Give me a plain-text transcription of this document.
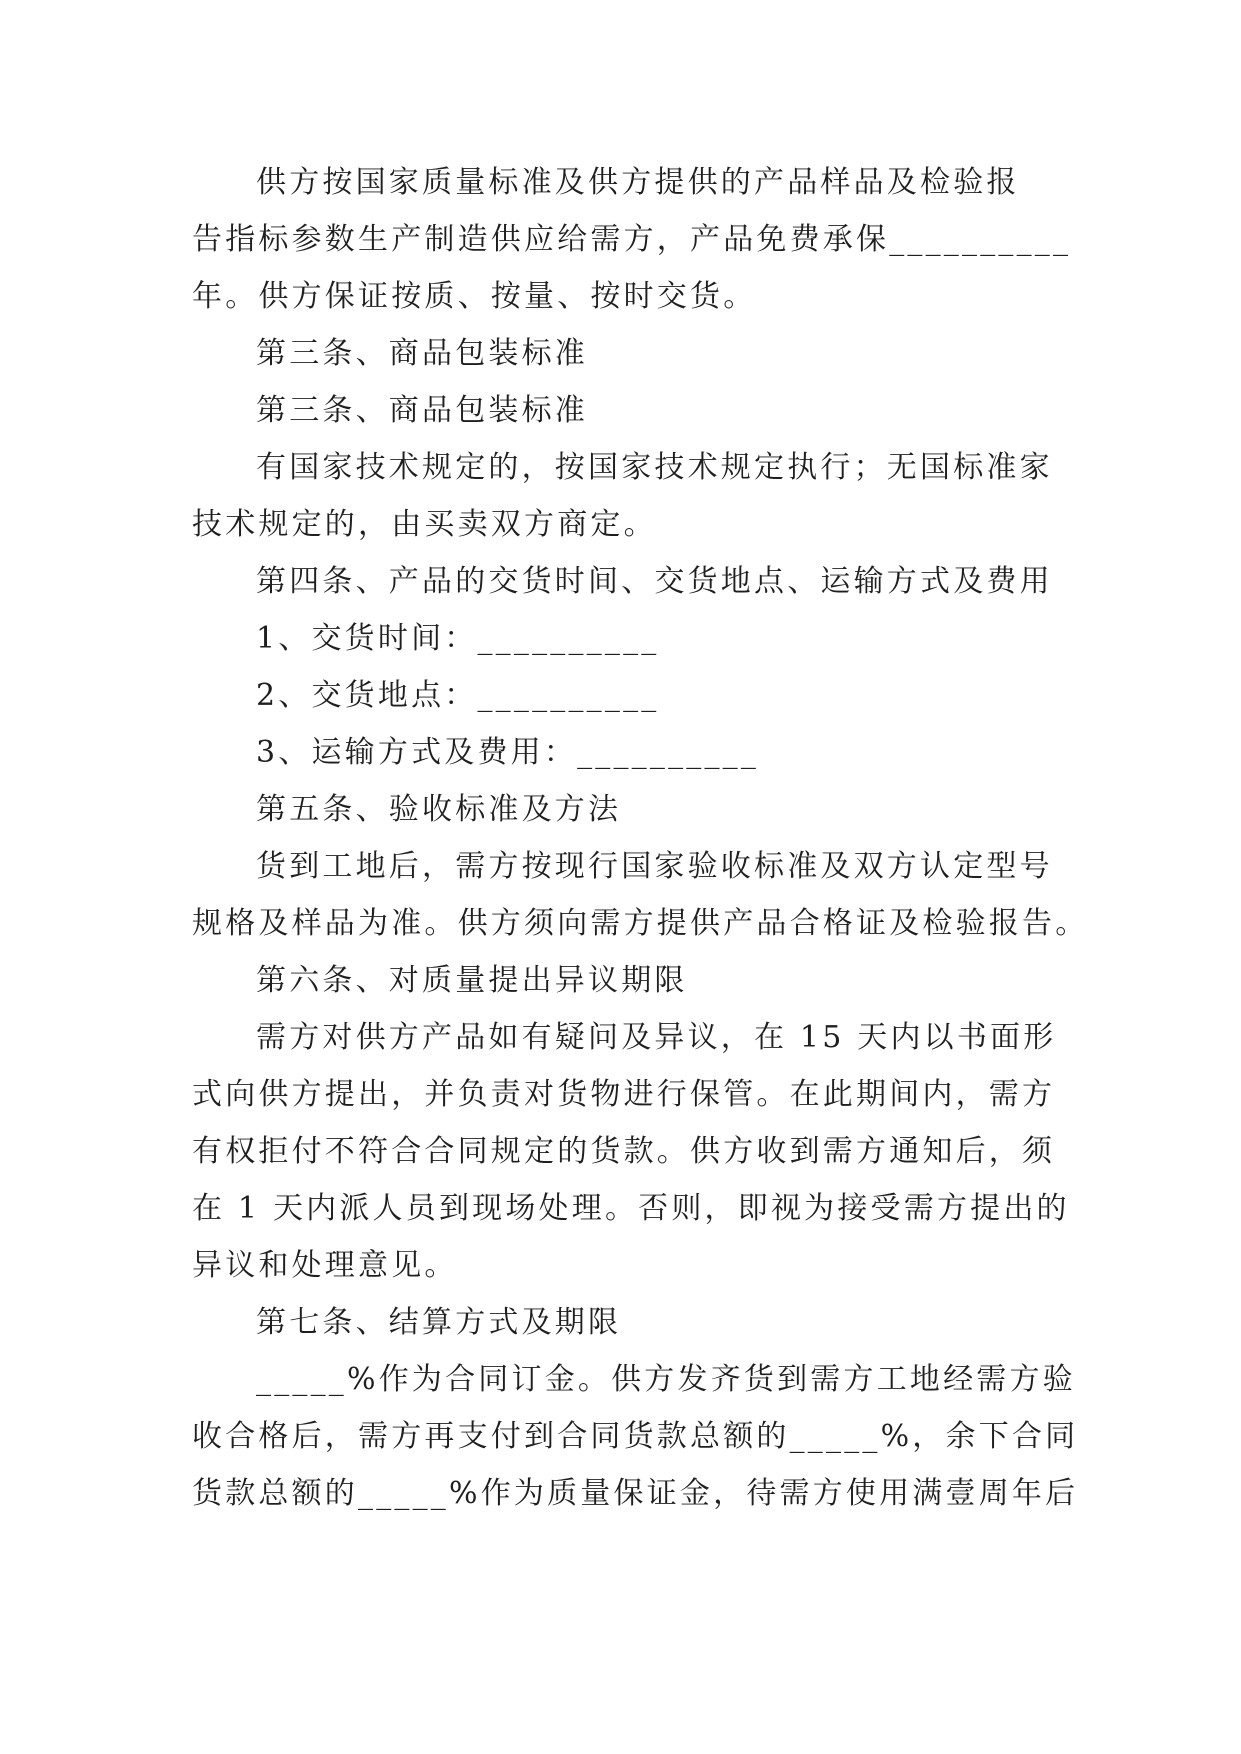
供方按国家质量标准及供方提供的产品样品及检验报
告指标参数生产制造供应给需方，产品免费承保__________
年。供方保证按质、按量、按时交货。
第三条、商品包装标准
第三条、商品包装标准
有国家技术规定的，按国家技术规定执行；无国标准家
技术规定的，由买卖双方商定。
第四条、产品的交货时间、交货地点、运输方式及费用
1、交货时间：__________
2、交货地点：__________
3、运输方式及费用：__________
第五条、验收标准及方法
货到工地后，需方按现行国家验收标准及双方认定型号
规格及样品为准。供方须向需方提供产品合格证及检验报告。
第六条、对质量提出异议期限
需方对供方产品如有疑问及异议，在 15 天内以书面形
式向供方提出，并负责对货物进行保管。在此期间内，需方
有权拒付不符合合同规定的货款。供方收到需方通知后，须
在 1 天内派人员到现场处理。否则，即视为接受需方提出的
异议和处理意见。
第七条、结算方式及期限
_____%作为合同订金。供方发齐货到需方工地经需方验
收合格后，需方再支付到合同货款总额的_____%，余下合同
货款总额的_____%作为质量保证金，待需方使用满壹周年后
